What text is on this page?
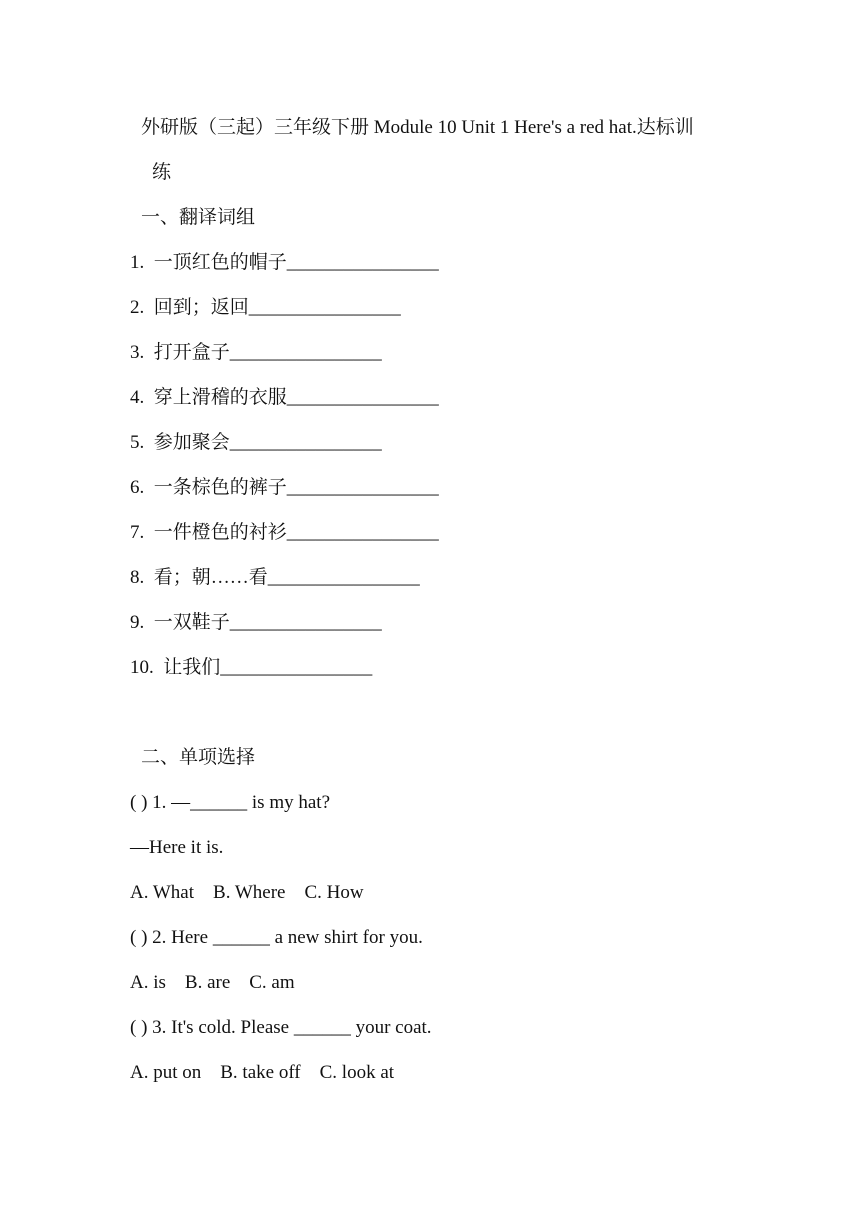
外研版（三起）三年级下册 Module 10 Unit 1 Here's a red hat.达标训
练
一、翻译词组
1.  一顶红色的帽子________________
2.  回到；返回________________
3.  打开盒子________________
4.  穿上滑稽的衣服________________
5.  参加聚会________________
6.  一条棕色的裤子________________
7.  一件橙色的衬衫________________
8.  看；朝……看________________
9.  一双鞋子________________
10.  让我们________________
二、单项选择
( ) 1. —______ is my hat?
—Here it is.
A. What    B. Where    C. How
( ) 2. Here ______ a new shirt for you.
A. is    B. are    C. am
( ) 3. It's cold. Please ______ your coat.
A. put on    B. take off    C. look at
